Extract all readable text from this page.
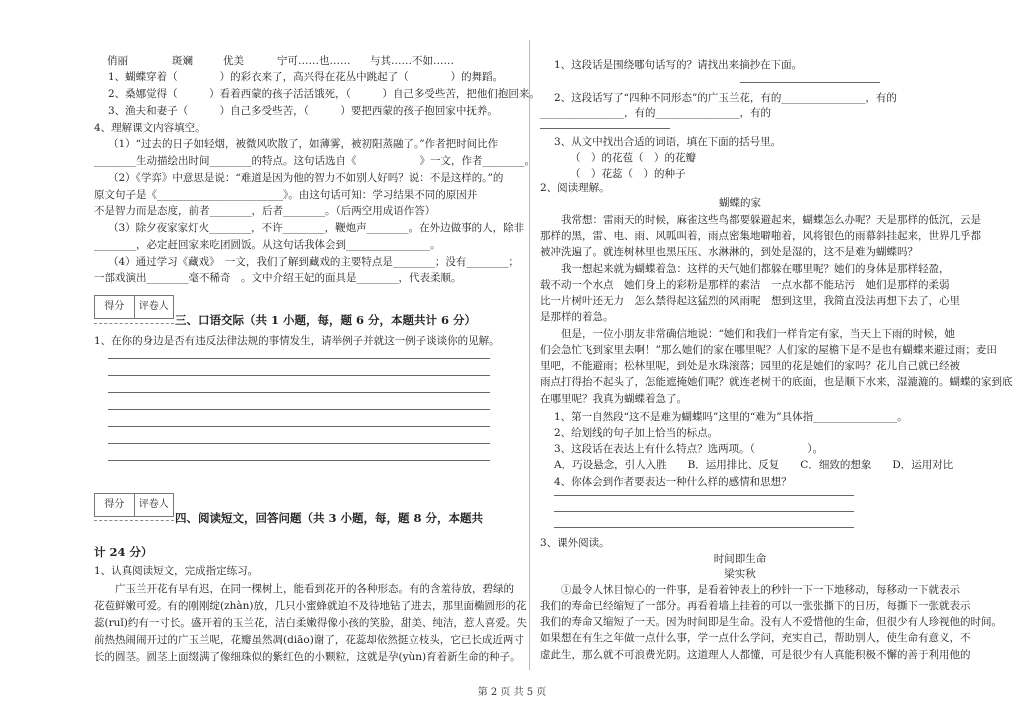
俏丽	斑斓	优美	宁可……也…… 与其……不如……
1、蝴蝶穿着（　　　　）的彩衣来了，高兴得在花丛中跳起了（　　　　）的舞蹈。
2、桑娜觉得（　　　）看着西蒙的孩子活活饿死，（　　　）自己多受些苦，把他们抱回来。
3、渔夫和妻子（　　　）自己多受些苦，（　　　）要把西蒙的孩子抱回家中抚养。
4、理解课文内容填空。
（1）“过去的日子如轻烟，被微风吹散了，如薄雾，被初阳蒸融了。”作者把时间比作
________生动描绘出时间________的特点。这句话选自《　　　　　　》一文，作者________。
（2）《学弈》中意思是说：“难道是因为他的智力不如别人好吗？说：不是这样的。”的
原文句子是《________________________》。由这句话可知：学习结果不同的原因并
不是智力而是态度，前者________，后者________。（后两空用成语作答）
（3）除夕夜家家灯火________，不许________，鞭炮声________。在外边做事的人，除非
________，必定赶回家来吃团圆饭。从这句话我体会到________________。
（4）通过学习《藏戏》　一文，我们了解到藏戏的主要特点是________；没有________；
一部戏演出________毫不稀奇　。文中介绍王妃的面具是________，代表柔顺。
得分	评卷人
三、口语交际（共 1 小题，每，题 6 分，本题共计 6 分）
1、在你的身边是否有违反法律法规的事情发生，请举例子并就这一例子谈谈你的见解。
得分	评卷人
四、阅读短文，回答问题（共 3 小题，每，题 8 分，本题共
计 24 分）
1、认真阅读短文，完成指定练习。
　　广玉兰开花有早有迟，在同一棵树上，能看到花开的各种形态。有的含羞待放，碧绿的
花苞鲜嫩可爱。有的刚刚绽(zhàn)放，几只小蜜蜂就迫不及待地钻了进去，那里面椭圆形的花
蕊(ruǐ)约有一寸长。盛开着的玉兰花，洁白柔嫩得像小孩的笑脸，甜美、纯洁，惹人喜爱。失
前热热闹闹开过的广玉兰呢，花瓣虽然凋(diāo)谢了，花蕊却依然挺立枝头，它已长成近两寸
长的圆茎。圆茎上面缀满了像细珠似的紫红色的小颗粒，这就是孕(yùn)育着新生命的种子。
1、这段话是围绕哪句话写的？请找出来摘抄在下面。
2、这段话写了“四种不同形态”的广玉兰花，有的________________，有的
________________，有的________________，有的
3、从文中找出合适的词语，填在下面的括号里。
（　）的花苞（　）的花瓣
（　）花蕊（　）的种子
2、阅读理解。
蝴蝶的家
　　我常想：雷雨天的时候，麻雀这些鸟都要躲避起来，蝴蝶怎么办呢？天是那样的低沉，云是
那样的黑，雷、电、雨、风呱叫着，雨点密集地噼啪着，风将银色的雨幕斜挂起来，世界几乎都
被冲洗遍了。就连树林里也黑压压、水淋淋的，到处是湿的，这不是难为蝴蝶吗？
　　我一想起来就为蝴蝶着急：这样的天气她们都躲在哪里呢？她们的身体是那样轻盈，
载不动一个水点　她们身上的彩粉是那样的素洁　一点水都不能玷污　她们是那样的柔弱
比一片树叶还无力　怎么禁得起这猛烈的风雨呢　想到这里，我简直没法再想下去了，心里
是那样的着急。
　　但是，一位小朋友非常确信地说：“她们和我们一样肯定有家，当天上下雨的时候，她
们会急忙飞到家里去啊！”那么她们的家在哪里呢？人们家的屋檐下是不是也有蝴蝶来避过雨；麦田
里吧，不能避雨；松林里呢，到处是水珠滚落；园里的花是她们的家吗？花儿自己就已经被
雨点打得抬不起头了，怎能遮掩她们呢？就连老树干的底面，也是顺下水来，湿漉漉的。蝴蝶的家到底
在哪里呢？我真为蝴蝶着急了。
1、第一自然段“这不是难为蝴蝶吗”这里的“难为”具体指________________。
2、给划线的句子加上恰当的标点。
3、这段话在表达上有什么特点？选两项。（　　　　　）。
A．巧设悬念，引人入胜　　B．运用排比、反复　　C．细致的想象　　D．运用对比
4、你体会到作者要表达一种什么样的感情和思想？
3、课外阅读。
时间即生命
梁实秋
　　①最令人怵目惊心的一件事，是看着钟表上的秒针一下一下地移动，每移动一下就表示
我们的寿命已经缩短了一部分。再看着墙上挂着的可以一张张撕下的日历，每撕下一张就表示
我们的寿命又缩短了一天。因为时间即是生命。没有人不爱惜他的生命，但很少有人珍视他的时间。
如果想在有生之年做一点什么事，学一点什么学问，充实自己，帮助别人，使生命有意义，不
虚此生，那么就不可浪费光阴。这道理人人都懂，可是很少有人真能积极不懈的善于利用他的
第 2 页 共 5 页
